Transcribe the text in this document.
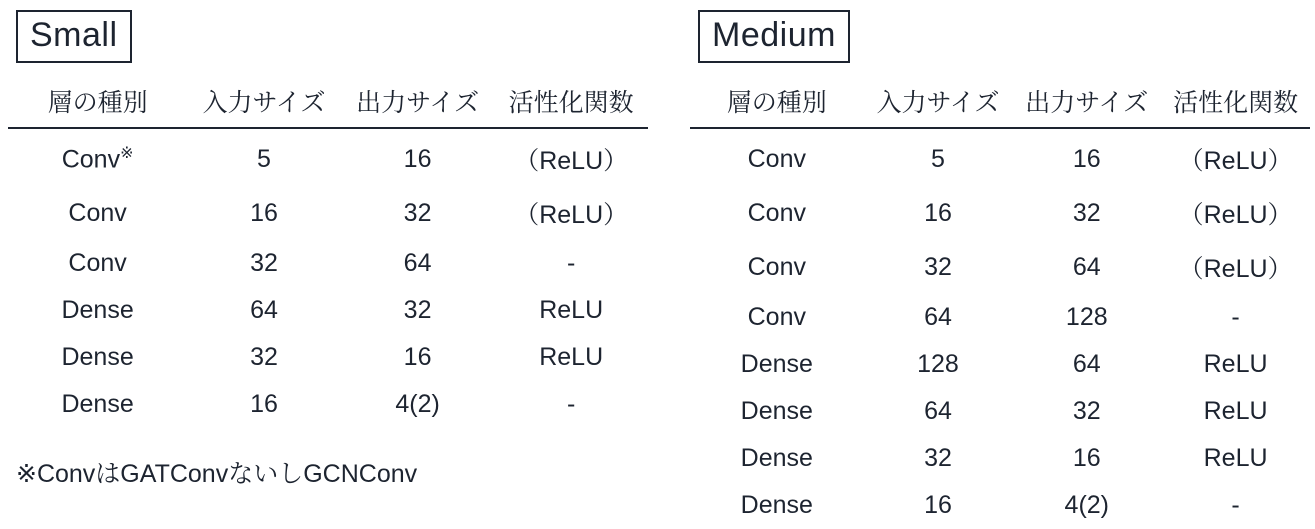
Small
層の種別	入力サイズ	出力サイズ	活性化関数
Conv※	5	16	（ReLU）
Conv	16	32	（ReLU）
Conv	32	64	-
Dense	64	32	ReLU
Dense	32	16	ReLU
Dense	16	4(2)	-
※ConvはGATConvないしGCNConv
Medium
層の種別	入力サイズ	出力サイズ	活性化関数
Conv	5	16	（ReLU）
Conv	16	32	（ReLU）
Conv	32	64	（ReLU）
Conv	64	128	-
Dense	128	64	ReLU
Dense	64	32	ReLU
Dense	32	16	ReLU
Dense	16	4(2)	-
